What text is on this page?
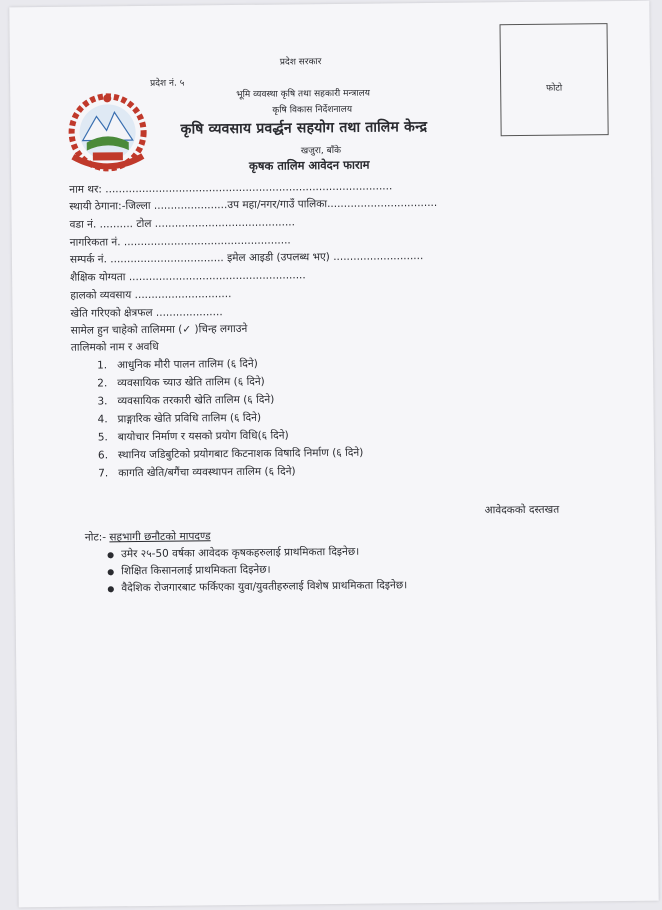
प्रदेश सरकार
प्रदेश नं. ५
भूमि व्यवस्था कृषि तथा सहकारी मन्त्रालय
कृषि विकास निर्देशनालय
कृषि व्यवसाय प्रवर्द्धन सहयोग तथा तालिम केन्द्र
खजुरा, बाँके
कृषक तालिम आवेदन फाराम
फोटो
नाम थर: ......................................................................................
स्थायी ठेगाना:-जिल्ला ......................उप महा/नगर/गाउँ पालिका.................................
वडा नं. .......... टोल ..........................................
नागरिकता नं. ..................................................
सम्पर्क नं. .................................. इमेल आइडी (उपलब्ध भए) ...........................
शैक्षिक योग्यता .....................................................
हालको व्यवसाय .............................
खेति गरिएको क्षेत्रफल ....................
सामेल हुन चाहेको तालिममा (✓ )चिन्ह लगाउने
तालिमको नाम र अवधि
1. आधुनिक मौरी पालन तालिम (६ दिने)
2. व्यवसायिक च्याउ खेति तालिम (६ दिने)
3. व्यवसायिक तरकारी खेति तालिम (६ दिने)
4. प्राङ्गारिक खेति प्रविधि तालिम (६ दिने)
5. बायोचार निर्माण र यसको प्रयोग विधि(६ दिने)
6. स्थानिय जडिबुटिको प्रयोगबाट किटनाशक विषादि निर्माण (६ दिने)
7. कागति खेति/बगैंचा व्यवस्थापन तालिम (६ दिने)
आवेदकको दस्तखत
नोट:- सहभागी छनौटको मापदण्ड
● उमेर २५-50 वर्षका आवेदक कृषकहरुलाई प्राथमिकता दिइनेछ।
● शिक्षित किसानलाई प्राथमिकता दिइनेछ।
● वैदेशिक रोजगारबाट फर्किएका युवा/युवतीहरुलाई विशेष प्राथमिकता दिइनेछ।
